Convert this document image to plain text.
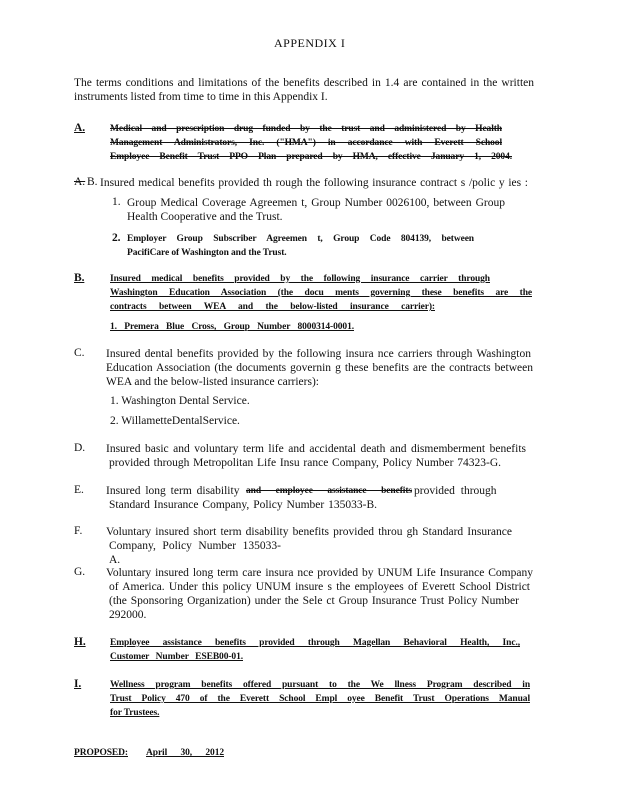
APPENDIX I
The terms conditions and limitations of the benefits described in 1.4 are contained in the written
instruments listed from time to time in this Appendix I.
A.	Medical and prescription drug funded by the trust and administered by Health
Management Administrators, Inc. ("HMA") in accordance with Everett School
Employee Benefit Trust PPO Plan prepared by HMA, effective January 1, 2004.
A. B. Insured medical benefits provided th rough the following insurance contract s /polic y ies :
1. Group Medical Coverage Agreemen t, Group Number 0026100, between Group
Health Cooperative and the Trust.
2. Employer Group Subscriber Agreemen t, Group Code 804139, between
PacifiCare of Washington and the Trust.
B.	Insured medical benefits provided by the following insurance carrier through
Washington Education Association (the docu ments governing these benefits are the
contracts between WEA and the below-listed insurance carrier):
1. Premera Blue Cross, Group Number 8000314-0001.
C. Insured dental benefits provided by the following insura nce carriers through Washington
Education Association (the documents governin g these benefits are the contracts between
WEA and the below-listed insurance carriers):
1. Washington Dental Service.
2. WillametteDentalService.
D. Insured basic and voluntary term life and accidental death and dismemberment benefits
provided through Metropolitan Life Insu rance Company, Policy Number 74323-G.
E. Insured long term disability and employee assistance benefits provided through
Standard Insurance Company, Policy Number 135033-B.
F. Voluntary insured short term disability benefits provided throu gh Standard Insurance
Company, Policy Number 135033-A.
G. Voluntary insured long term care insura nce provided by UNUM Life Insurance Company
of America. Under this policy UNUM insure s the employees of Everett School District
(the Sponsoring Organization) under the Sele ct Group Insurance Trust Policy Number
292000.
H.	Employee assistance benefits provided through Magellan Behavioral Health, Inc.,
Customer Number ESEB00-01.
I.	Wellness program benefits offered pursuant to the We llness Program described in
Trust Policy 470 of the Everett School Empl oyee Benefit Trust Operations Manual
for Trustees.
PROPOSED:	April 30, 2012
